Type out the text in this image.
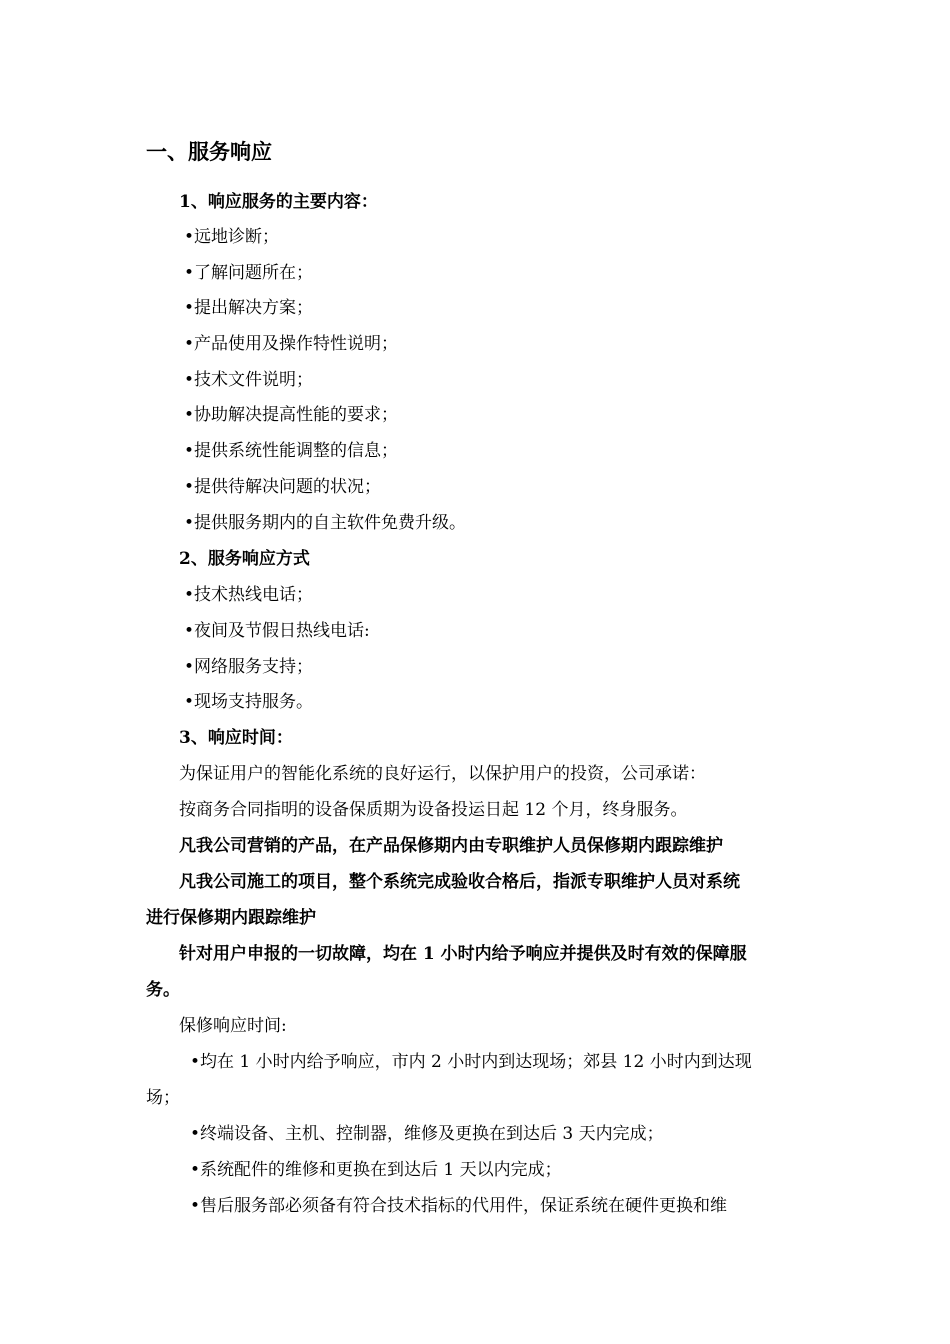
一、服务响应
1、响应服务的主要内容：
•远地诊断；
•了解问题所在；
•提出解决方案；
•产品使用及操作特性说明；
•技术文件说明；
•协助解决提高性能的要求；
•提供系统性能调整的信息；
•提供待解决问题的状况；
•提供服务期内的自主软件免费升级。
2、服务响应方式
•技术热线电话；
•夜间及节假日热线电话:
•网络服务支持；
•现场支持服务。
3、响应时间：
为保证用户的智能化系统的良好运行，以保护用户的投资，公司承诺：
按商务合同指明的设备保质期为设备投运日起 12 个月，终身服务。
凡我公司营销的产品，在产品保修期内由专职维护人员保修期内跟踪维护
凡我公司施工的项目，整个系统完成验收合格后，指派专职维护人员对系统
进行保修期内跟踪维护
针对用户申报的一切故障，均在 1 小时内给予响应并提供及时有效的保障服
务。
保修响应时间:
•均在 1 小时内给予响应，市内 2 小时内到达现场；郊县 12 小时内到达现
场；
•终端设备、主机、控制器，维修及更换在到达后 3 天内完成；
•系统配件的维修和更换在到达后 1 天以内完成；
•售后服务部必须备有符合技术指标的代用件，保证系统在硬件更换和维
